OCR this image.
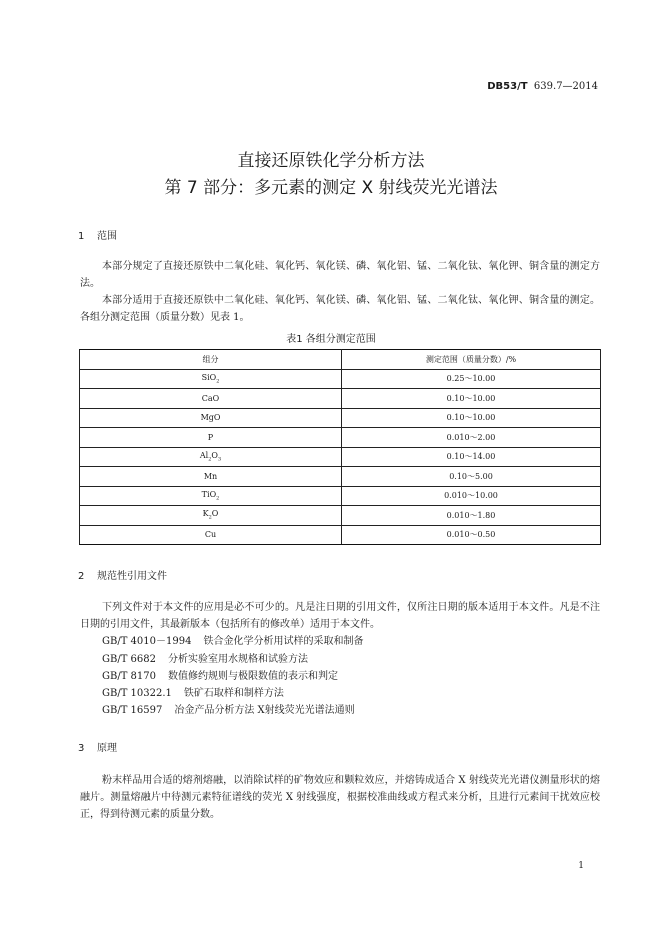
DB53/T 639.7—2014
直接还原铁化学分析方法
第 7 部分：多元素的测定 X 射线荧光光谱法
1 范围

本部分规定了直接还原铁中二氧化硅、氧化钙、氧化镁、磷、氧化铝、锰、二氧化钛、氧化钾、铜含量的测定方法。

本部分适用于直接还原铁中二氧化硅、氧化钙、氧化镁、磷、氧化铝、锰、二氧化钛、氧化钾、铜含量的测定。各组分测定范围（质量分数）见表 1。

表1 各组分测定范围
组分	测定范围（质量分数）/%
SiO$_2$	0.25～10.00
CaO	0.10～10.00
MgO	0.10～10.00
P	0.010～2.00
$Al_2O_3$	0.10～14.00
Mn	0.10～5.00
TiO$_2$	0.010～10.00
$K_2O$	0.010～1.80
Cu	0.010～0.50
2 规范性引用文件

下列文件对于本文件的应用是必不可少的。凡是注日期的引用文件，仅所注日期的版本适用于本文件。凡是不注日期的引用文件，其最新版本（包括所有的修改单）适用于本文件。

GB/T 4010－1994 铁合金化学分析用试样的采取和制备
GB/T 6682 分析实验室用水规格和试验方法
GB/T 8170 数值修约规则与极限数值的表示和判定
GB/T 10322.1 铁矿石取样和制样方法
GB/T 16597 冶金产品分析方法 X射线荧光光谱法通则
3 原理

粉末样品用合适的熔剂熔融，以消除试样的矿物效应和颗粒效应，并熔铸成适合 X 射线荧光光谱仪测量形状的熔融片。测量熔融片中待测元素特征谱线的荧光 X 射线强度，根据校准曲线或方程式来分析，且进行元素间干扰效应校正，得到待测元素的质量分数。

1
